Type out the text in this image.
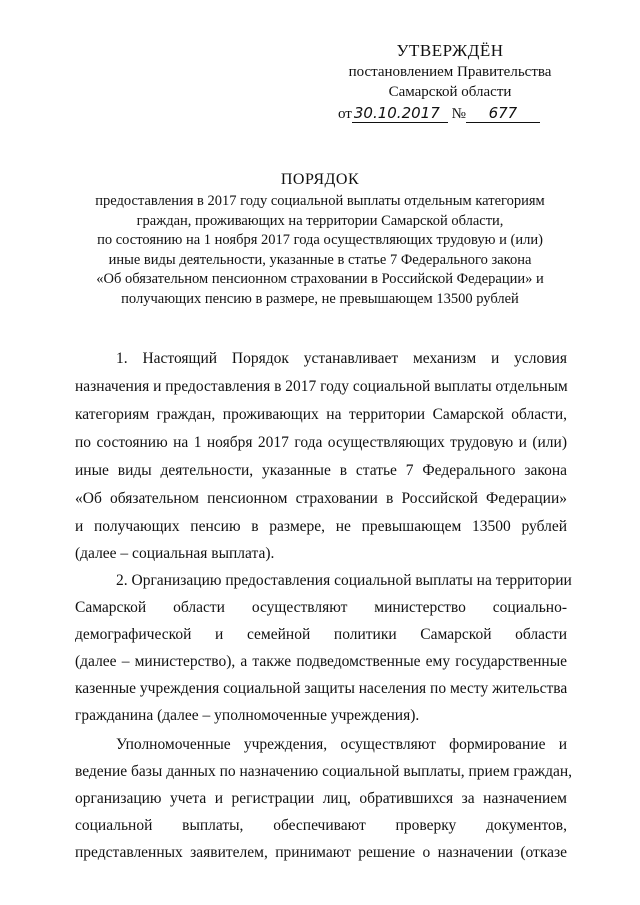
УТВЕРЖДЁН
постановлением Правительства
Самарской области
от 30.10.2017 № 677
ПОРЯДОК
предоставления в 2017 году социальной выплаты отдельным категориям
граждан, проживающих на территории Самарской области,
по состоянию на 1 ноября 2017 года осуществляющих трудовую и (или)
иные виды деятельности, указанные в статье 7 Федерального закона
«Об обязательном пенсионном страховании в Российской Федерации» и
получающих пенсию в размере, не превышающем 13500 рублей
1. Настоящий Порядок устанавливает механизм и условия
назначения и предоставления в 2017 году социальной выплаты отдельным
категориям граждан, проживающих на территории Самарской области,
по состоянию на 1 ноября 2017 года осуществляющих трудовую и (или)
иные виды деятельности, указанные в статье 7 Федерального закона
«Об обязательном пенсионном страховании в Российской Федерации»
и получающих пенсию в размере, не превышающем 13500 рублей
(далее – социальная выплата).
2. Организацию предоставления социальной выплаты на территории
Самарской области осуществляют министерство социально-
демографической и семейной политики Самарской области
(далее – министерство), а также подведомственные ему государственные
казенные учреждения социальной защиты населения по месту жительства
гражданина (далее – уполномоченные учреждения).
Уполномоченные учреждения, осуществляют формирование и
ведение базы данных по назначению социальной выплаты, прием граждан,
организацию учета и регистрации лиц, обратившихся за назначением
социальной выплаты, обеспечивают проверку документов,
представленных заявителем, принимают решение о назначении (отказе
